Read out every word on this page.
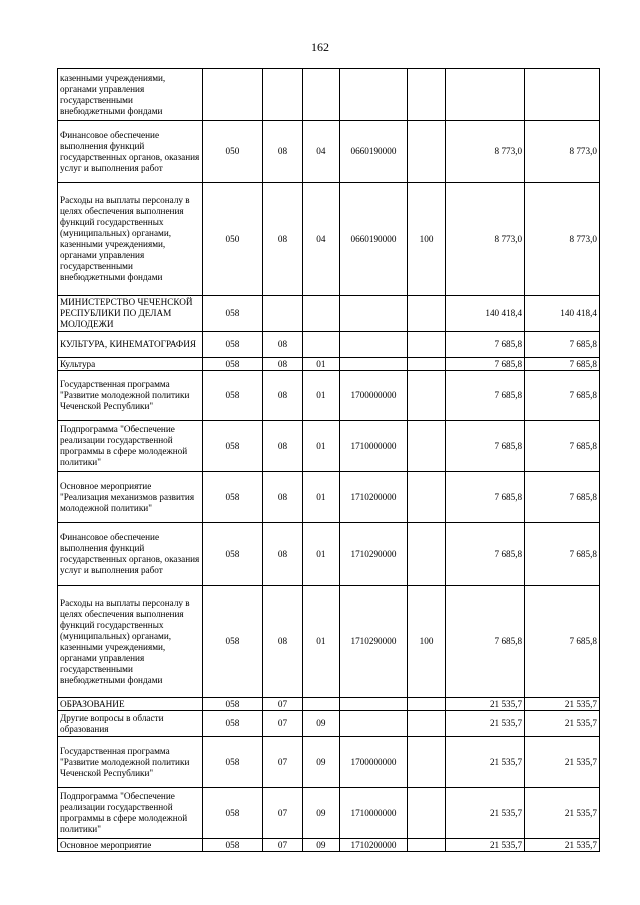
162
казенными учреждениями, органами управления государственными внебюджетными фондами							
Финансовое обеспечение выполнения функций государственных органов, оказания услуг и выполнения работ	050	08	04	0660190000		8 773,0	8 773,0
Расходы на выплаты персоналу в целях обеспечения выполнения функций государственных (муниципальных) органами, казенными учреждениями, органами управления государственными внебюджетными фондами	050	08	04	0660190000	100	8 773,0	8 773,0
МИНИСТЕРСТВО ЧЕЧЕНСКОЙ РЕСПУБЛИКИ ПО ДЕЛАМ МОЛОДЕЖИ	058					140 418,4	140 418,4
КУЛЬТУРА, КИНЕМАТОГРАФИЯ	058	08				7 685,8	7 685,8
Культура	058	08	01			7 685,8	7 685,8
Государственная программа "Развитие молодежной политики Чеченской Республики"	058	08	01	1700000000		7 685,8	7 685,8
Подпрограмма "Обеспечение реализации государственной программы в сфере молодежной политики"	058	08	01	1710000000		7 685,8	7 685,8
Основное мероприятие "Реализация механизмов развития молодежной политики"	058	08	01	1710200000		7 685,8	7 685,8
Финансовое обеспечение выполнения функций государственных органов, оказания услуг и выполнения работ	058	08	01	1710290000		7 685,8	7 685,8
Расходы на выплаты персоналу в целях обеспечения выполнения функций государственных (муниципальных) органами, казенными учреждениями, органами управления государственными внебюджетными фондами	058	08	01	1710290000	100	7 685,8	7 685,8
ОБРАЗОВАНИЕ	058	07				21 535,7	21 535,7
Другие вопросы в области образования	058	07	09			21 535,7	21 535,7
Государственная программа "Развитие молодежной политики Чеченской Республики"	058	07	09	1700000000		21 535,7	21 535,7
Подпрограмма "Обеспечение реализации государственной программы в сфере молодежной политики"	058	07	09	1710000000		21 535,7	21 535,7
Основное мероприятие	058	07	09	1710200000		21 535,7	21 535,7
